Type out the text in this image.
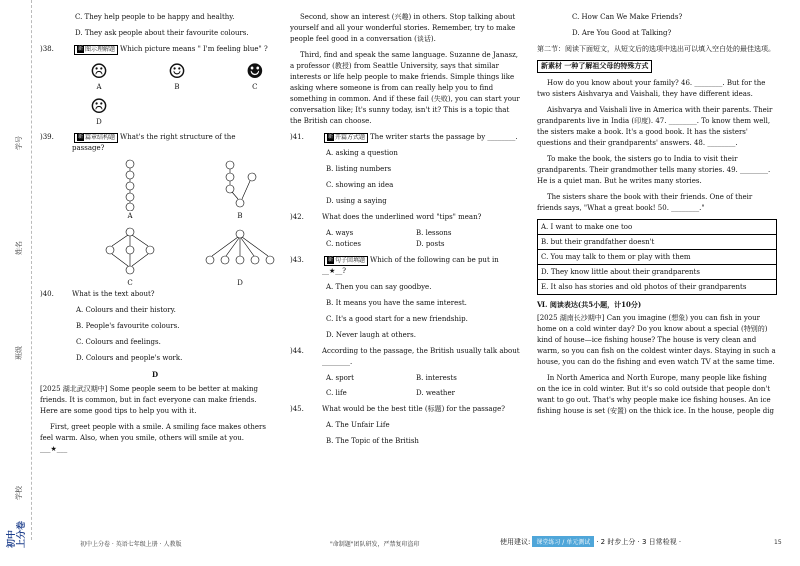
学号
姓名
班级
学校
初中 上分卷
C. They help people to be happy and healthy.
D. They ask people about their favourite colours.
)38.	新 图示理解题 Which picture means " I'm feeling blue" ?
☹
A
☺
B
☻
C
☹
D
)39.	新 篇章结构题 What's the right structure of the passage?
A	B
C	D
)40.	What is the text about?
A. Colours and their history.
B. People's favourite colours.
C. Colours and feelings.
D. Colours and people's work.
D
[2025 湖北武汉期中] Some people seem to be better at making friends. It is common, but in fact everyone can make friends. Here are some good tips to help you with it.
First, greet people with a smile. A smiling face makes others feel warm. Also, when you smile, others will smile at you. ___★___
Second, show an interest (兴趣) in others. Stop talking about yourself and all your wonderful stories. Remember, try to make people feel good in a conversation (谈话).
Third, find and speak the same language. Suzanne de Janasz, a professor (教授) from Seattle University, says that similar interests or life help people to make friends. Simple things like asking where someone is from can really help you to find something in common. And if these fail (失败), you can start your conversation like; It's sunny today, isn't it? This is a topic that the British can choose.
)41.	新 开篇方式题 The writer starts the passage by ________.
A. asking a question
B. listing numbers
C. showing an idea
D. using a saying
)42.	What does the underlined word "tips" mean?
A. ways	B. lessons
C. notices	D. posts
)43.	新 句子回填题 Which of the following can be put in __★__?
A. Then you can say goodbye.
B. It means you have the same interest.
C. It's a good start for a new friendship.
D. Never laugh at others.
)44.	According to the passage, the British usually talk about ________.
A. sport	B. interests
C. life	D. weather
)45.	What would be the best title (标题) for the passage?
A. The Unfair Life
B. The Topic of the British
C. How Can We Make Friends?
D. Are You Good at Talking?
第二节：阅读下面短文，从短文后的选项中选出可以填入空白处的最佳选项。
新素材 一种了解祖父母的特殊方式
How do you know about your family? 46. ________. But for the two sisters Aishvarya and Vaishali, they have different ideas.
Aishvarya and Vaishali live in America with their parents. Their grandparents live in India (印度). 47. ________. To know them well, the sisters make a book. It's a good book. It has the sisters' questions and their grandparents' answers. 48. ________.
To make the book, the sisters go to India to visit their grandparents. Their grandmother tells many stories. 49. ________. He is a quiet man. But he writes many stories.
The sisters share the book with their friends. One of their friends says, "What a great book! 50. ________."
A. I want to make one too
B. but their grandfather doesn't
C. You may talk to them or play with them
D. They know little about their grandparents
E. It also has stories and old photos of their grandparents
Ⅵ. 阅读表达(共5小题，计10分)
[2025 湖南长沙期中] Can you imagine (想象) you can fish in your home on a cold winter day? Do you know about a special (特别的) kind of house—ice fishing house? The house is very clean and warm, so you can fish on the coldest winter days. Staying in such a house, you can do the fishing and even watch TV at the same time.
In North America and North Europe, many people like fishing on the ice in cold winter. But it's so cold outside that people don't want to go out. That's why people make ice fishing houses. An ice fishing house is set (安置) on the thick ice. In the house, people dig
初中上分卷 · 英语七年级上册 · 人教版	"命制题"团队研发，严禁复印盗印	使用建议: 课堂练习 / 单元测试 · 2 时步上分 · 3 日常检视 ·	15
